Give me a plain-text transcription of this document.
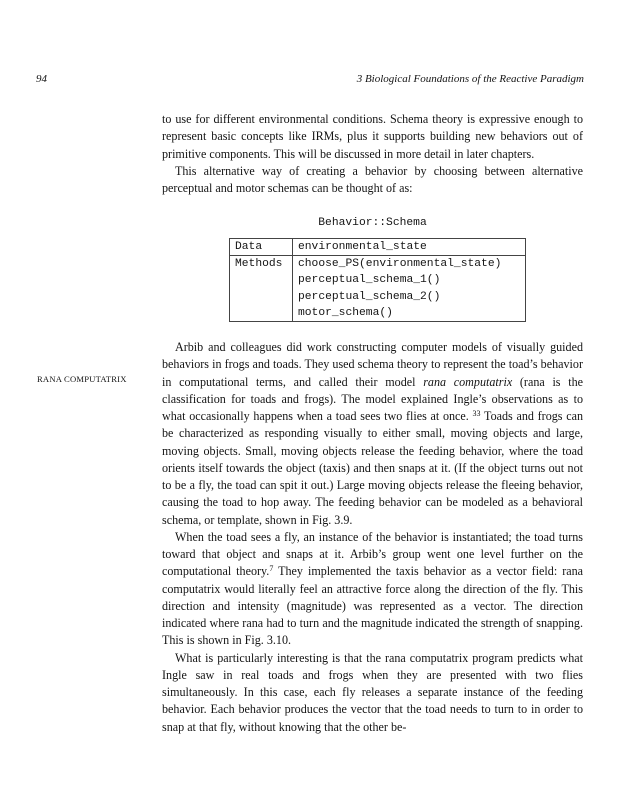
94	3 Biological Foundations of the Reactive Paradigm

to use for different environmental conditions. Schema theory is expressive enough to represent basic concepts like IRMs, plus it supports building new behaviors out of primitive components. This will be discussed in more detail in later chapters.

This alternative way of creating a behavior by choosing between alternative perceptual and motor schemas can be thought of as:

Behavior::Schema
Data	environmental_state

Methods	choose_PS(environmental_state)
perceptual_schema_1()
perceptual_schema_2()
motor_schema()
RANA COMPUTATRIX

Arbib and colleagues did work constructing computer models of visually guided behaviors in frogs and toads. They used schema theory to represent the toad’s behavior in computational terms, and called their model rana computatrix (rana is the classification for toads and frogs). The model explained Ingle’s observations as to what occasionally happens when a toad sees two flies at once. $^{33}$ Toads and frogs can be characterized as responding visually to either small, moving objects and large, moving objects. Small, moving objects release the feeding behavior, where the toad orients itself towards the object (taxis) and then snaps at it. (If the object turns out not to be a fly, the toad can spit it out.) Large moving objects release the fleeing behavior, causing the toad to hop away. The feeding behavior can be modeled as a behavioral schema, or template, shown in Fig. 3.9.

When the toad sees a fly, an instance of the behavior is instantiated; the toad turns toward that object and snaps at it. Arbib’s group went one level further on the computational theory.$^7$ They implemented the taxis behavior as a vector field: rana computatrix would literally feel an attractive force along the direction of the fly. This direction and intensity (magnitude) was represented as a vector. The direction indicated where rana had to turn and the magnitude indicated the strength of snapping. This is shown in Fig. 3.10.

What is particularly interesting is that the rana computatrix program predicts what Ingle saw in real toads and frogs when they are presented with two flies simultaneously. In this case, each fly releases a separate instance of the feeding behavior. Each behavior produces the vector that the toad needs to turn to in order to snap at that fly, without knowing that the other be-
